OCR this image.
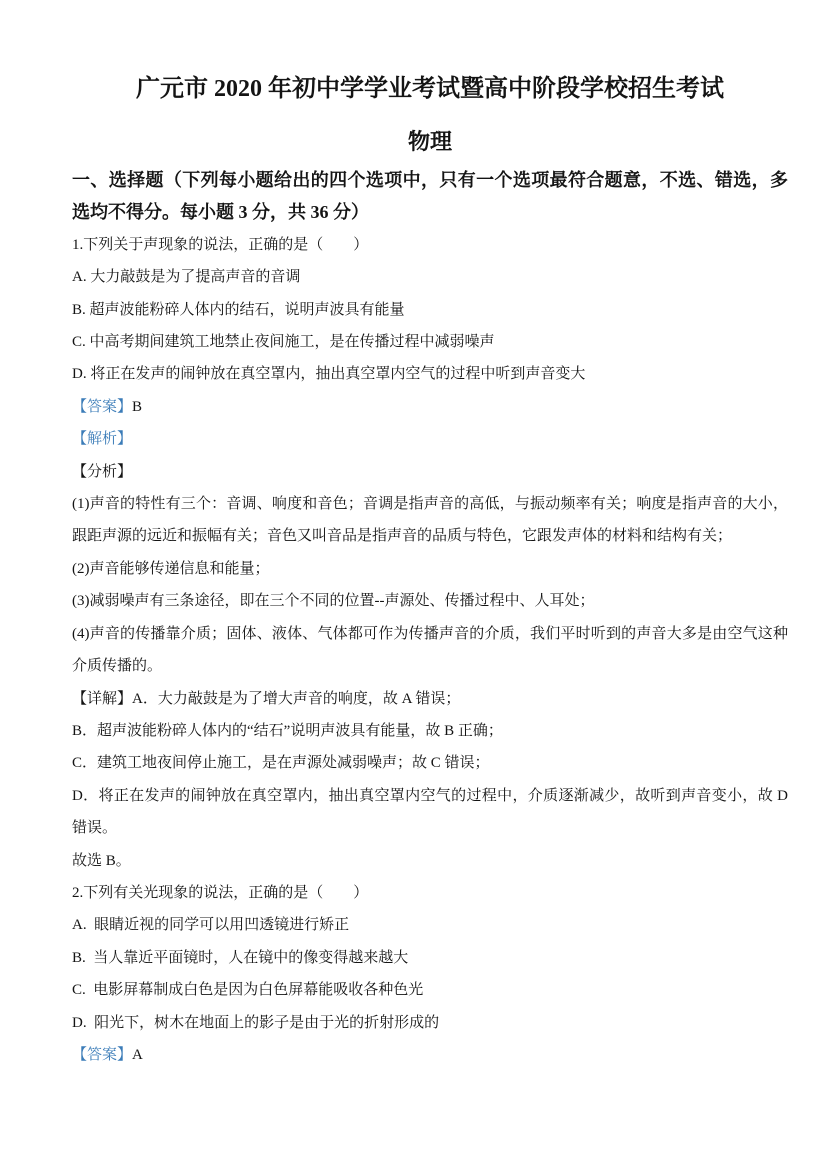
广元市 2020 年初中学学业考试暨高中阶段学校招生考试
物理

一、选择题（下列每小题给出的四个选项中，只有一个选项最符合题意，不选、错选，多选均不得分。每小题 3 分，共 36 分）

1.下列关于声现象的说法，正确的是（　　）

A. 大力敲鼓是为了提高声音的音调

B. 超声波能粉碎人体内的结石，说明声波具有能量

C. 中高考期间建筑工地禁止夜间施工，是在传播过程中减弱噪声

D. 将正在发声的闹钟放在真空罩内，抽出真空罩内空气的过程中听到声音变大

【答案】B

【解析】

【分析】

(1)声音的特性有三个：音调、响度和音色；音调是指声音的高低，与振动频率有关；响度是指声音的大小，跟距声源的远近和振幅有关；音色又叫音品是指声音的品质与特色，它跟发声体的材料和结构有关；

(2)声音能够传递信息和能量；

(3)减弱噪声有三条途径，即在三个不同的位置--声源处、传播过程中、人耳处；

(4)声音的传播靠介质；固体、液体、气体都可作为传播声音的介质，我们平时听到的声音大多是由空气这种介质传播的。

【详解】A．大力敲鼓是为了增大声音的响度，故 A 错误；

B．超声波能粉碎人体内的“结石”说明声波具有能量，故 B 正确；

C．建筑工地夜间停止施工，是在声源处减弱噪声；故 C 错误；

D．将正在发声的闹钟放在真空罩内，抽出真空罩内空气的过程中，介质逐渐减少，故听到声音变小，故 D 错误。

故选 B。

2.下列有关光现象的说法，正确的是（　　）

A.  眼睛近视的同学可以用凹透镜进行矫正

B.  当人靠近平面镜时，人在镜中的像变得越来越大

C.  电影屏幕制成白色是因为白色屏幕能吸收各种色光

D.  阳光下，树木在地面上的影子是由于光的折射形成的

【答案】A
